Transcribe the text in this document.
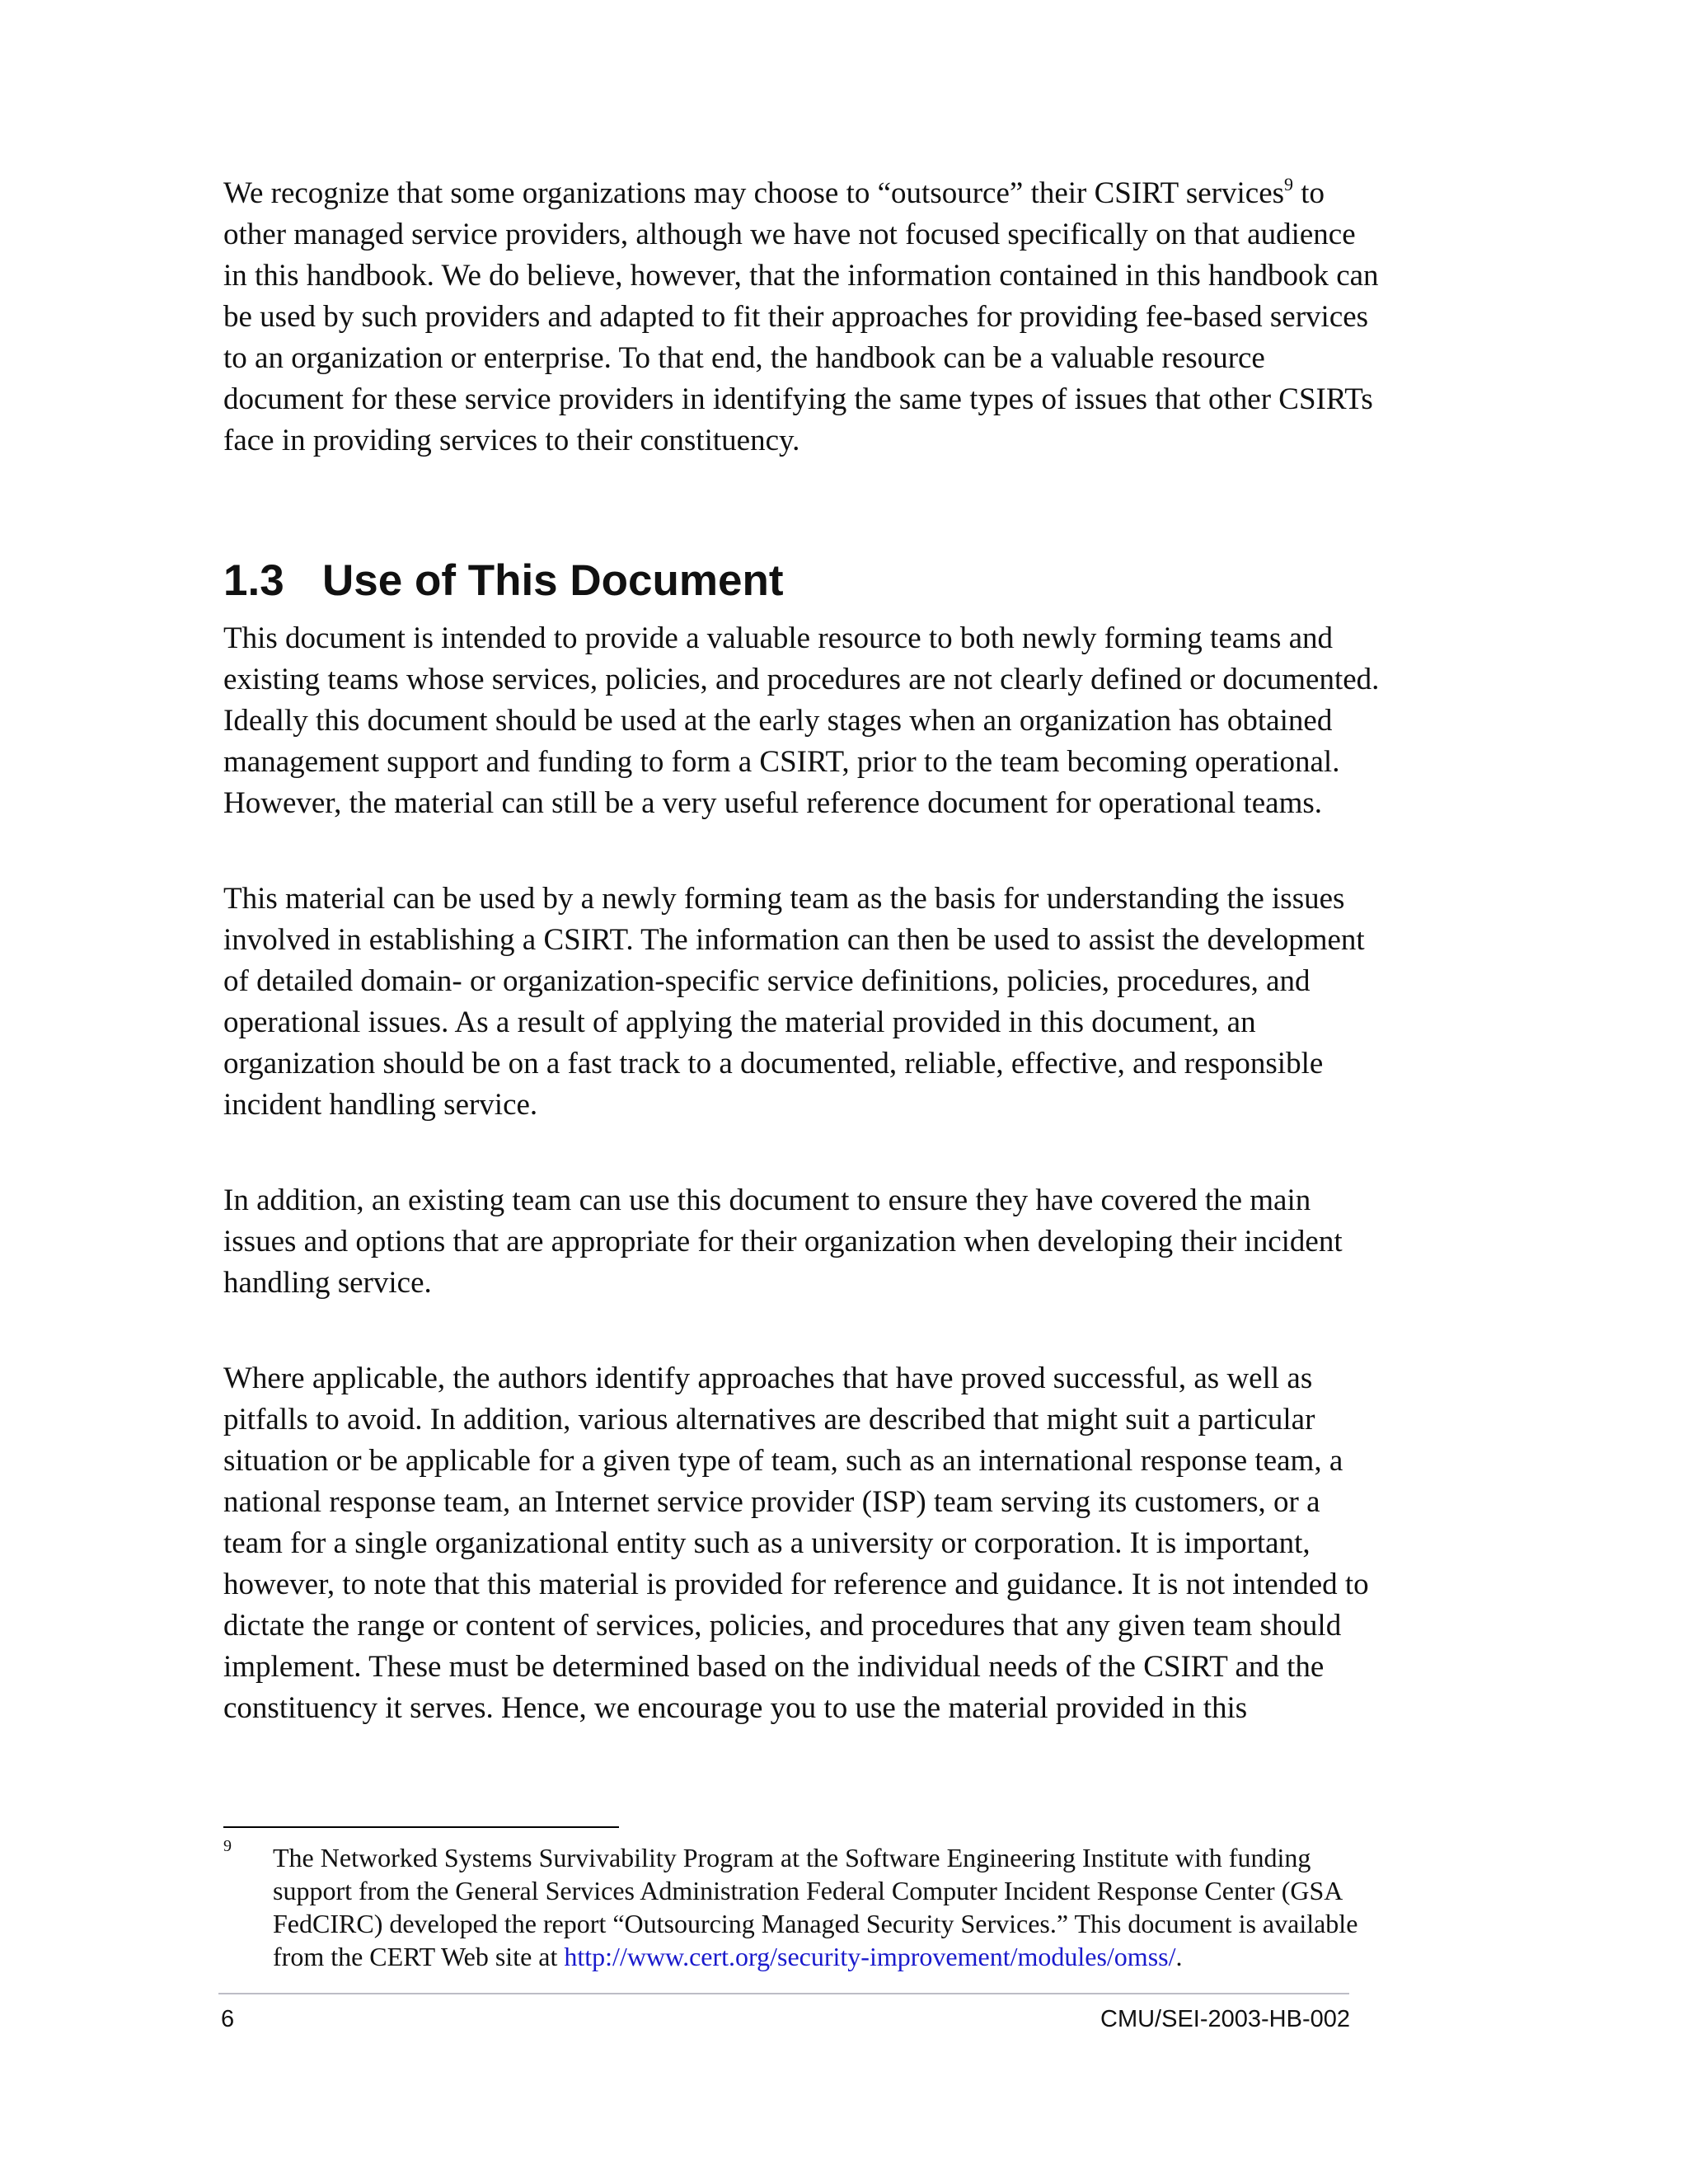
We recognize that some organizations may choose to “outsource” their CSIRT services$^9$ to other managed service providers, although we have not focused specifically on that audience in this handbook. We do believe, however, that the information contained in this handbook can be used by such providers and adapted to fit their approaches for providing fee-based services to an organization or enterprise. To that end, the handbook can be a valuable resource document for these service providers in identifying the same types of issues that other CSIRTs face in providing services to their constituency.

1.3 Use of This Document

This document is intended to provide a valuable resource to both newly forming teams and existing teams whose services, policies, and procedures are not clearly defined or documented. Ideally this document should be used at the early stages when an organization has obtained management support and funding to form a CSIRT, prior to the team becoming operational. However, the material can still be a very useful reference document for operational teams.

This material can be used by a newly forming team as the basis for understanding the issues involved in establishing a CSIRT. The information can then be used to assist the development of detailed domain- or organization-specific service definitions, policies, procedures, and operational issues. As a result of applying the material provided in this document, an organization should be on a fast track to a documented, reliable, effective, and responsible incident handling service.

In addition, an existing team can use this document to ensure they have covered the main issues and options that are appropriate for their organization when developing their incident handling service.

Where applicable, the authors identify approaches that have proved successful, as well as pitfalls to avoid. In addition, various alternatives are described that might suit a particular situation or be applicable for a given type of team, such as an international response team, a national response team, an Internet service provider (ISP) team serving its customers, or a team for a single organizational entity such as a university or corporation. It is important, however, to note that this material is provided for reference and guidance. It is not intended to dictate the range or content of services, policies, and procedures that any given team should implement. These must be determined based on the individual needs of the CSIRT and the constituency it serves. Hence, we encourage you to use the material provided in this

9 The Networked Systems Survivability Program at the Software Engineering Institute with funding support from the General Services Administration Federal Computer Incident Response Center (GSA FedCIRC) developed the report “Outsourcing Managed Security Services.” This document is available from the CERT Web site at http://www.cert.org/security-improvement/modules/omss/.
6	CMU/SEI-2003-HB-002
